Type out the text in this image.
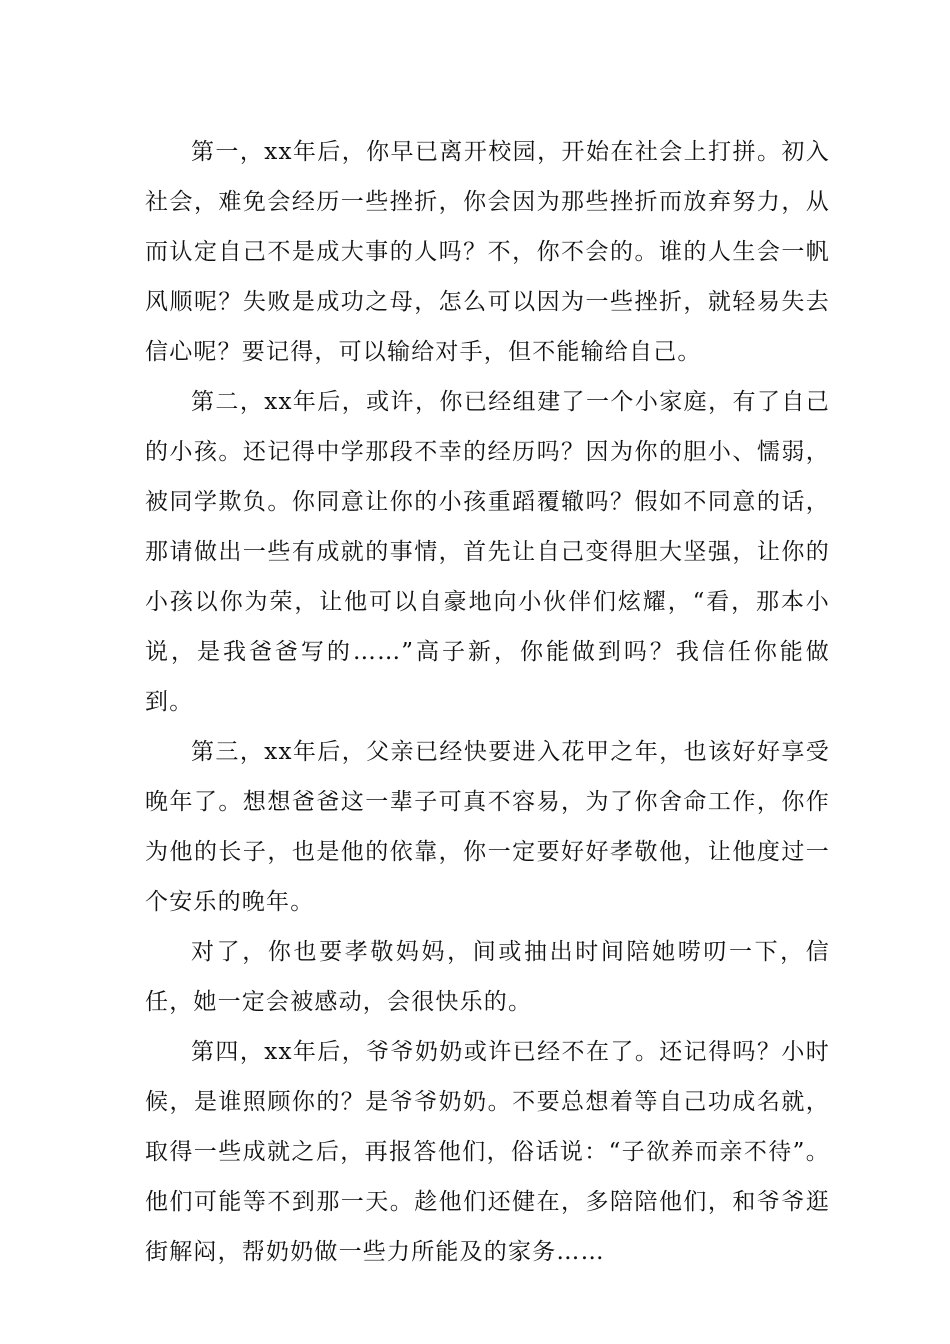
第一，xx年后，你早已离开校园，开始在社会上打拼。初入社会，难免会经历一些挫折，你会因为那些挫折而放弃努力，从而认定自己不是成大事的人吗？不，你不会的。谁的人生会一帆风顺呢？失败是成功之母，怎么可以因为一些挫折，就轻易失去信心呢？要记得，可以输给对手，但不能输给自己。

第二，xx年后，或许，你已经组建了一个小家庭，有了自己的小孩。还记得中学那段不幸的经历吗？因为你的胆小、懦弱，被同学欺负。你同意让你的小孩重蹈覆辙吗？假如不同意的话，那请做出一些有成就的事情，首先让自己变得胆大坚强，让你的小孩以你为荣，让他可以自豪地向小伙伴们炫耀，“看，那本小说，是我爸爸写的……”高子新，你能做到吗？我信任你能做到。

第三，xx年后，父亲已经快要进入花甲之年，也该好好享受晚年了。想想爸爸这一辈子可真不容易，为了你舍命工作，你作为他的长子，也是他的依靠，你一定要好好孝敬他，让他度过一个安乐的晚年。

对了，你也要孝敬妈妈，间或抽出时间陪她唠叨一下，信任，她一定会被感动，会很快乐的。

第四，xx年后，爷爷奶奶或许已经不在了。还记得吗？小时候，是谁照顾你的？是爷爷奶奶。不要总想着等自己功成名就，取得一些成就之后，再报答他们，俗话说：“子欲养而亲不待”。他们可能等不到那一天。趁他们还健在，多陪陪他们，和爷爷逛街解闷，帮奶奶做一些力所能及的家务……
